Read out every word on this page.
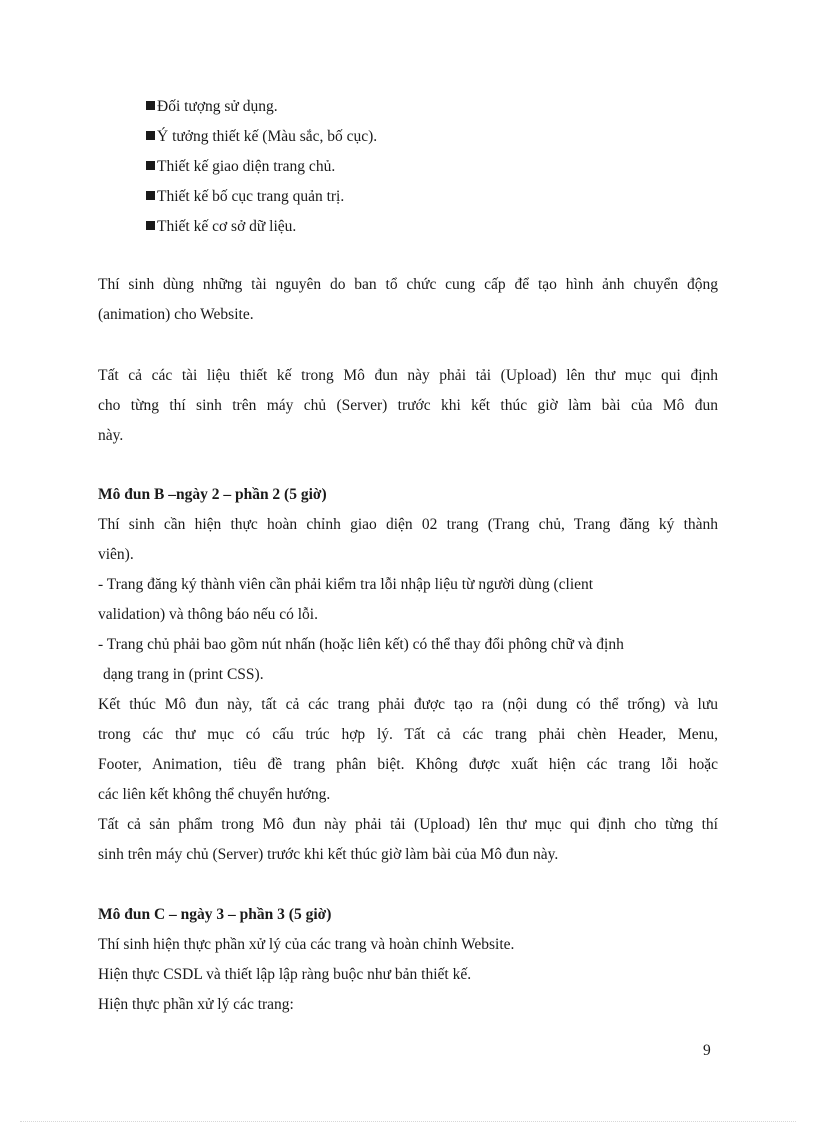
Đối tượng sử dụng.
Ý tưởng thiết kế (Màu sắc, bố cục).
Thiết kế giao diện trang chủ.
Thiết kế bố cục trang quản trị.
Thiết kế cơ sở dữ liệu.
Thí sinh dùng những tài nguyên do ban tổ chức cung cấp để tạo hình ảnh chuyển động
(animation) cho Website.
Tất cả các tài liệu thiết kế trong Mô đun này phải tải (Upload) lên thư mục qui định
cho từng thí sinh trên máy chủ (Server) trước khi kết thúc giờ làm bài của Mô đun
này.
Mô đun B –ngày 2 – phần 2 (5 giờ)
Thí sinh cần hiện thực hoàn chỉnh giao diện 02 trang (Trang chủ, Trang đăng ký thành
viên).
- Trang đăng ký thành viên cần phải kiểm tra lỗi nhập liệu từ người dùng (client
validation) và thông báo nếu có lỗi.
- Trang chủ phải bao gồm nút nhấn (hoặc liên kết) có thể thay đổi phông chữ và định
dạng trang in (print CSS).
Kết thúc Mô đun này, tất cả các trang phải được tạo ra (nội dung có thể trống) và lưu
trong các thư mục có cấu trúc hợp lý. Tất cả các trang phải chèn Header, Menu,
Footer, Animation, tiêu đề trang phân biệt. Không được xuất hiện các trang lỗi hoặc
các liên kết không thể chuyển hướng.
Tất cả sản phẩm trong Mô đun này phải tải (Upload) lên thư mục qui định cho từng thí
sinh trên máy chủ (Server) trước khi kết thúc giờ làm bài của Mô đun này.
Mô đun C – ngày 3 – phần 3 (5 giờ)
Thí sinh hiện thực phần xử lý của các trang và hoàn chỉnh Website.
Hiện thực CSDL và thiết lập lập ràng buộc như bản thiết kế.
Hiện thực phần xử lý các trang:
9
